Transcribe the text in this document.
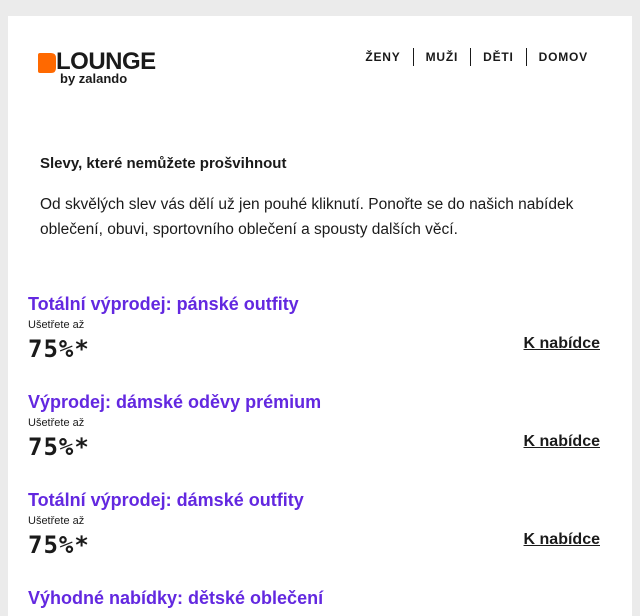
LOUNGE
by zalando
ŽENY	MUŽI	DĚTI	DOMOV

Slevy, které nemůžete prošvihnout

Od skvělých slev vás dělí už jen pouhé kliknutí. Ponořte se do našich nabídek oblečení, obuvi, sportovního oblečení a spousty dalších věcí.

Totální výprodej: pánské outfity
Ušetřete až
75%*	K nabídce
Výprodej: dámské oděvy prémium
Ušetřete až
75%*	K nabídce
Totální výprodej: dámské outfity
Ušetřete až
75%*	K nabídce
Výhodné nabídky: dětské oblečení
